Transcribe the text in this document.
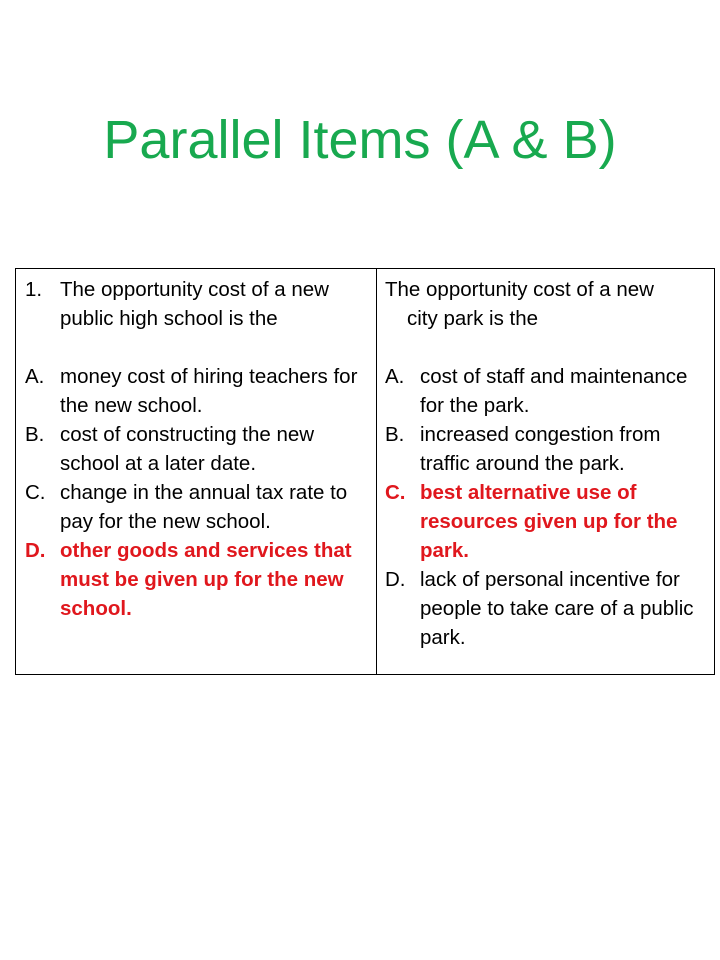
Parallel Items (A & B)
1. The opportunity cost of a new public high school is the
A. money cost of hiring teachers for the new school.
B. cost of constructing the new school at a later date.
C. change in the annual tax rate to pay for the new school.
D. other goods and services that must be given up for the new school.
The opportunity cost of a new
city park is the
A. cost of staff and maintenance for the park.
B. increased congestion from traffic around the park.
C. best alternative use of resources given up for the park.
D. lack of personal incentive for people to take care of a public park.
